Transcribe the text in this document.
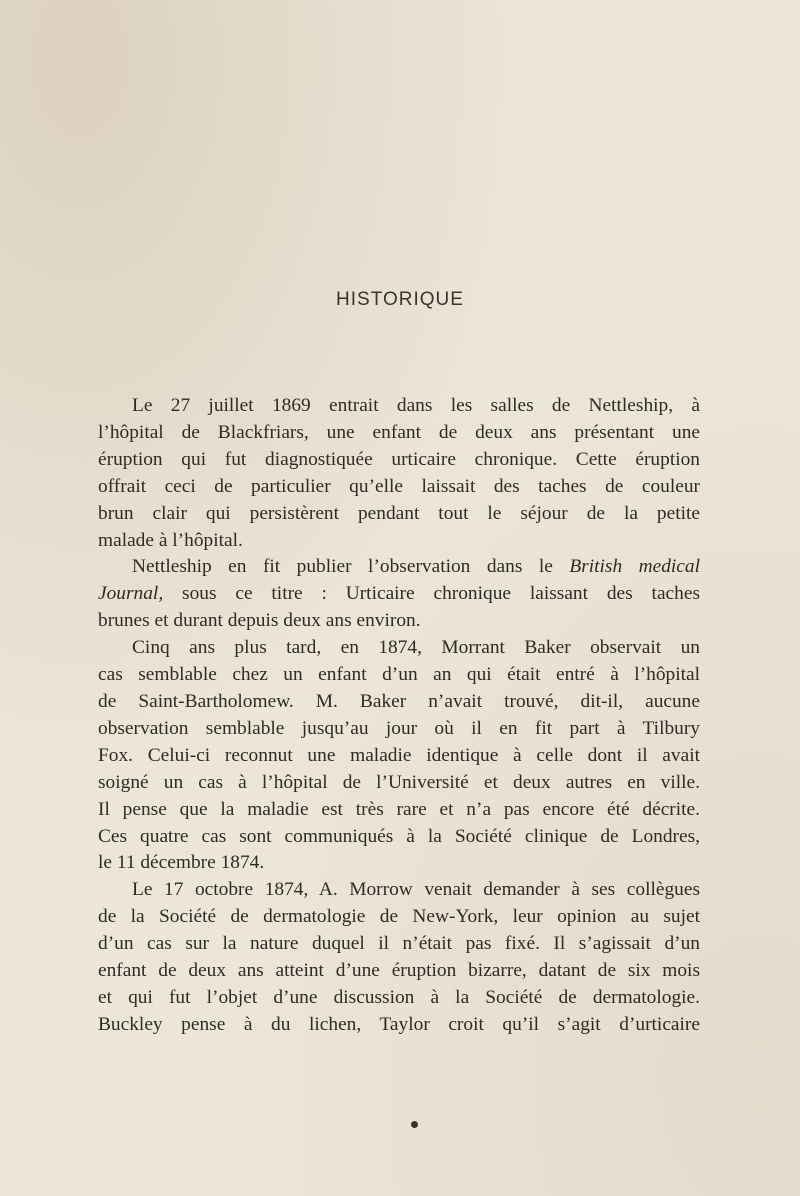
HISTORIQUE

Le 27 juillet 1869 entrait dans les salles de Nettleship, à
l’hôpital de Blackfriars, une enfant de deux ans présentant une
éruption qui fut diagnostiquée urticaire chronique. Cette éruption
offrait ceci de particulier qu’elle laissait des taches de couleur
brun clair qui persistèrent pendant tout le séjour de la petite
malade à l’hôpital.

Nettleship en fit publier l’observation dans le British medical
Journal, sous ce titre : Urticaire chronique laissant des taches
brunes et durant depuis deux ans environ.

Cinq ans plus tard, en 1874, Morrant Baker observait un
cas semblable chez un enfant d’un an qui était entré à l’hôpital
de Saint-Bartholomew. M. Baker n’avait trouvé, dit-il, aucune
observation semblable jusqu’au jour où il en fit part à Tilbury
Fox. Celui-ci reconnut une maladie identique à celle dont il avait
soigné un cas à l’hôpital de l’Université et deux autres en ville.
Il pense que la maladie est très rare et n’a pas encore été décrite.
Ces quatre cas sont communiqués à la Société clinique de Londres,
le 11 décembre 1874.

Le 17 octobre 1874, A. Morrow venait demander à ses collègues
de la Société de dermatologie de New-York, leur opinion au sujet
d’un cas sur la nature duquel il n’était pas fixé. Il s’agissait d’un
enfant de deux ans atteint d’une éruption bizarre, datant de six mois
et qui fut l’objet d’une discussion à la Société de dermatologie.
Buckley pense à du lichen, Taylor croit qu’il s’agit d’urticaire
